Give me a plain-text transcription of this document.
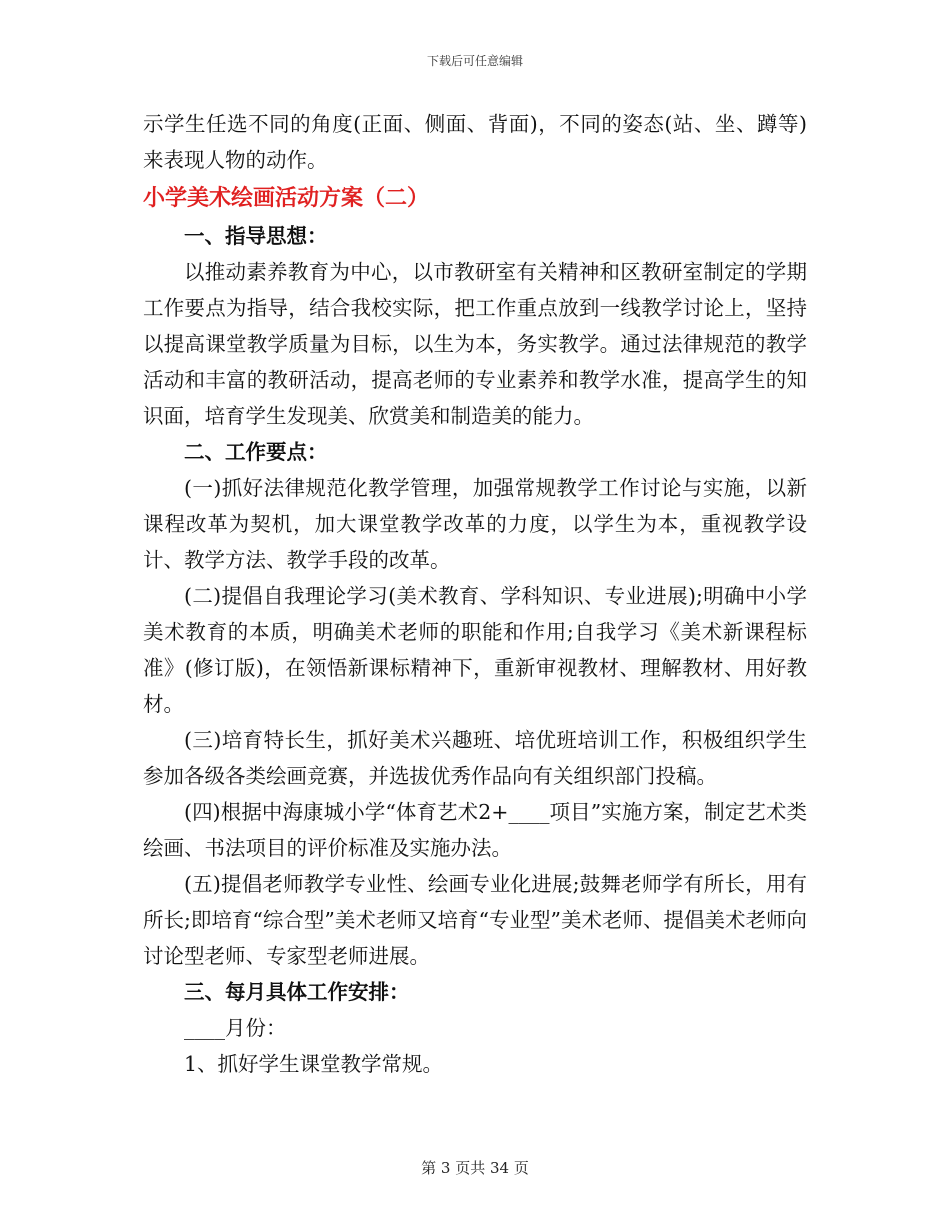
下载后可任意编辑

示学生任选不同的角度(正面、侧面、背面)，不同的姿态(站、坐、蹲等)来表现人物的动作。

小学美术绘画活动方案（二）

一、指导思想：

以推动素养教育为中心，以市教研室有关精神和区教研室制定的学期工作要点为指导，结合我校实际，把工作重点放到一线教学讨论上，坚持以提高课堂教学质量为目标，以生为本，务实教学。通过法律规范的教学活动和丰富的教研活动，提高老师的专业素养和教学水准，提高学生的知识面，培育学生发现美、欣赏美和制造美的能力。

二、工作要点：

(一)抓好法律规范化教学管理，加强常规教学工作讨论与实施，以新课程改革为契机，加大课堂教学改革的力度，以学生为本，重视教学设计、教学方法、教学手段的改革。

(二)提倡自我理论学习(美术教育、学科知识、专业进展);明确中小学美术教育的本质，明确美术老师的职能和作用;自我学习《美术新课程标准》(修订版)，在领悟新课标精神下，重新审视教材、理解教材、用好教材。

(三)培育特长生，抓好美术兴趣班、培优班培训工作，积极组织学生参加各级各类绘画竞赛，并选拔优秀作品向有关组织部门投稿。

(四)根据中海康城小学“体育艺术2+____项目”实施方案，制定艺术类绘画、书法项目的评价标准及实施办法。

(五)提倡老师教学专业性、绘画专业化进展;鼓舞老师学有所长，用有所长;即培育“综合型”美术老师又培育“专业型”美术老师、提倡美术老师向讨论型老师、专家型老师进展。

三、每月具体工作安排：

____月份：

1、抓好学生课堂教学常规。

第 3 页共 34 页
